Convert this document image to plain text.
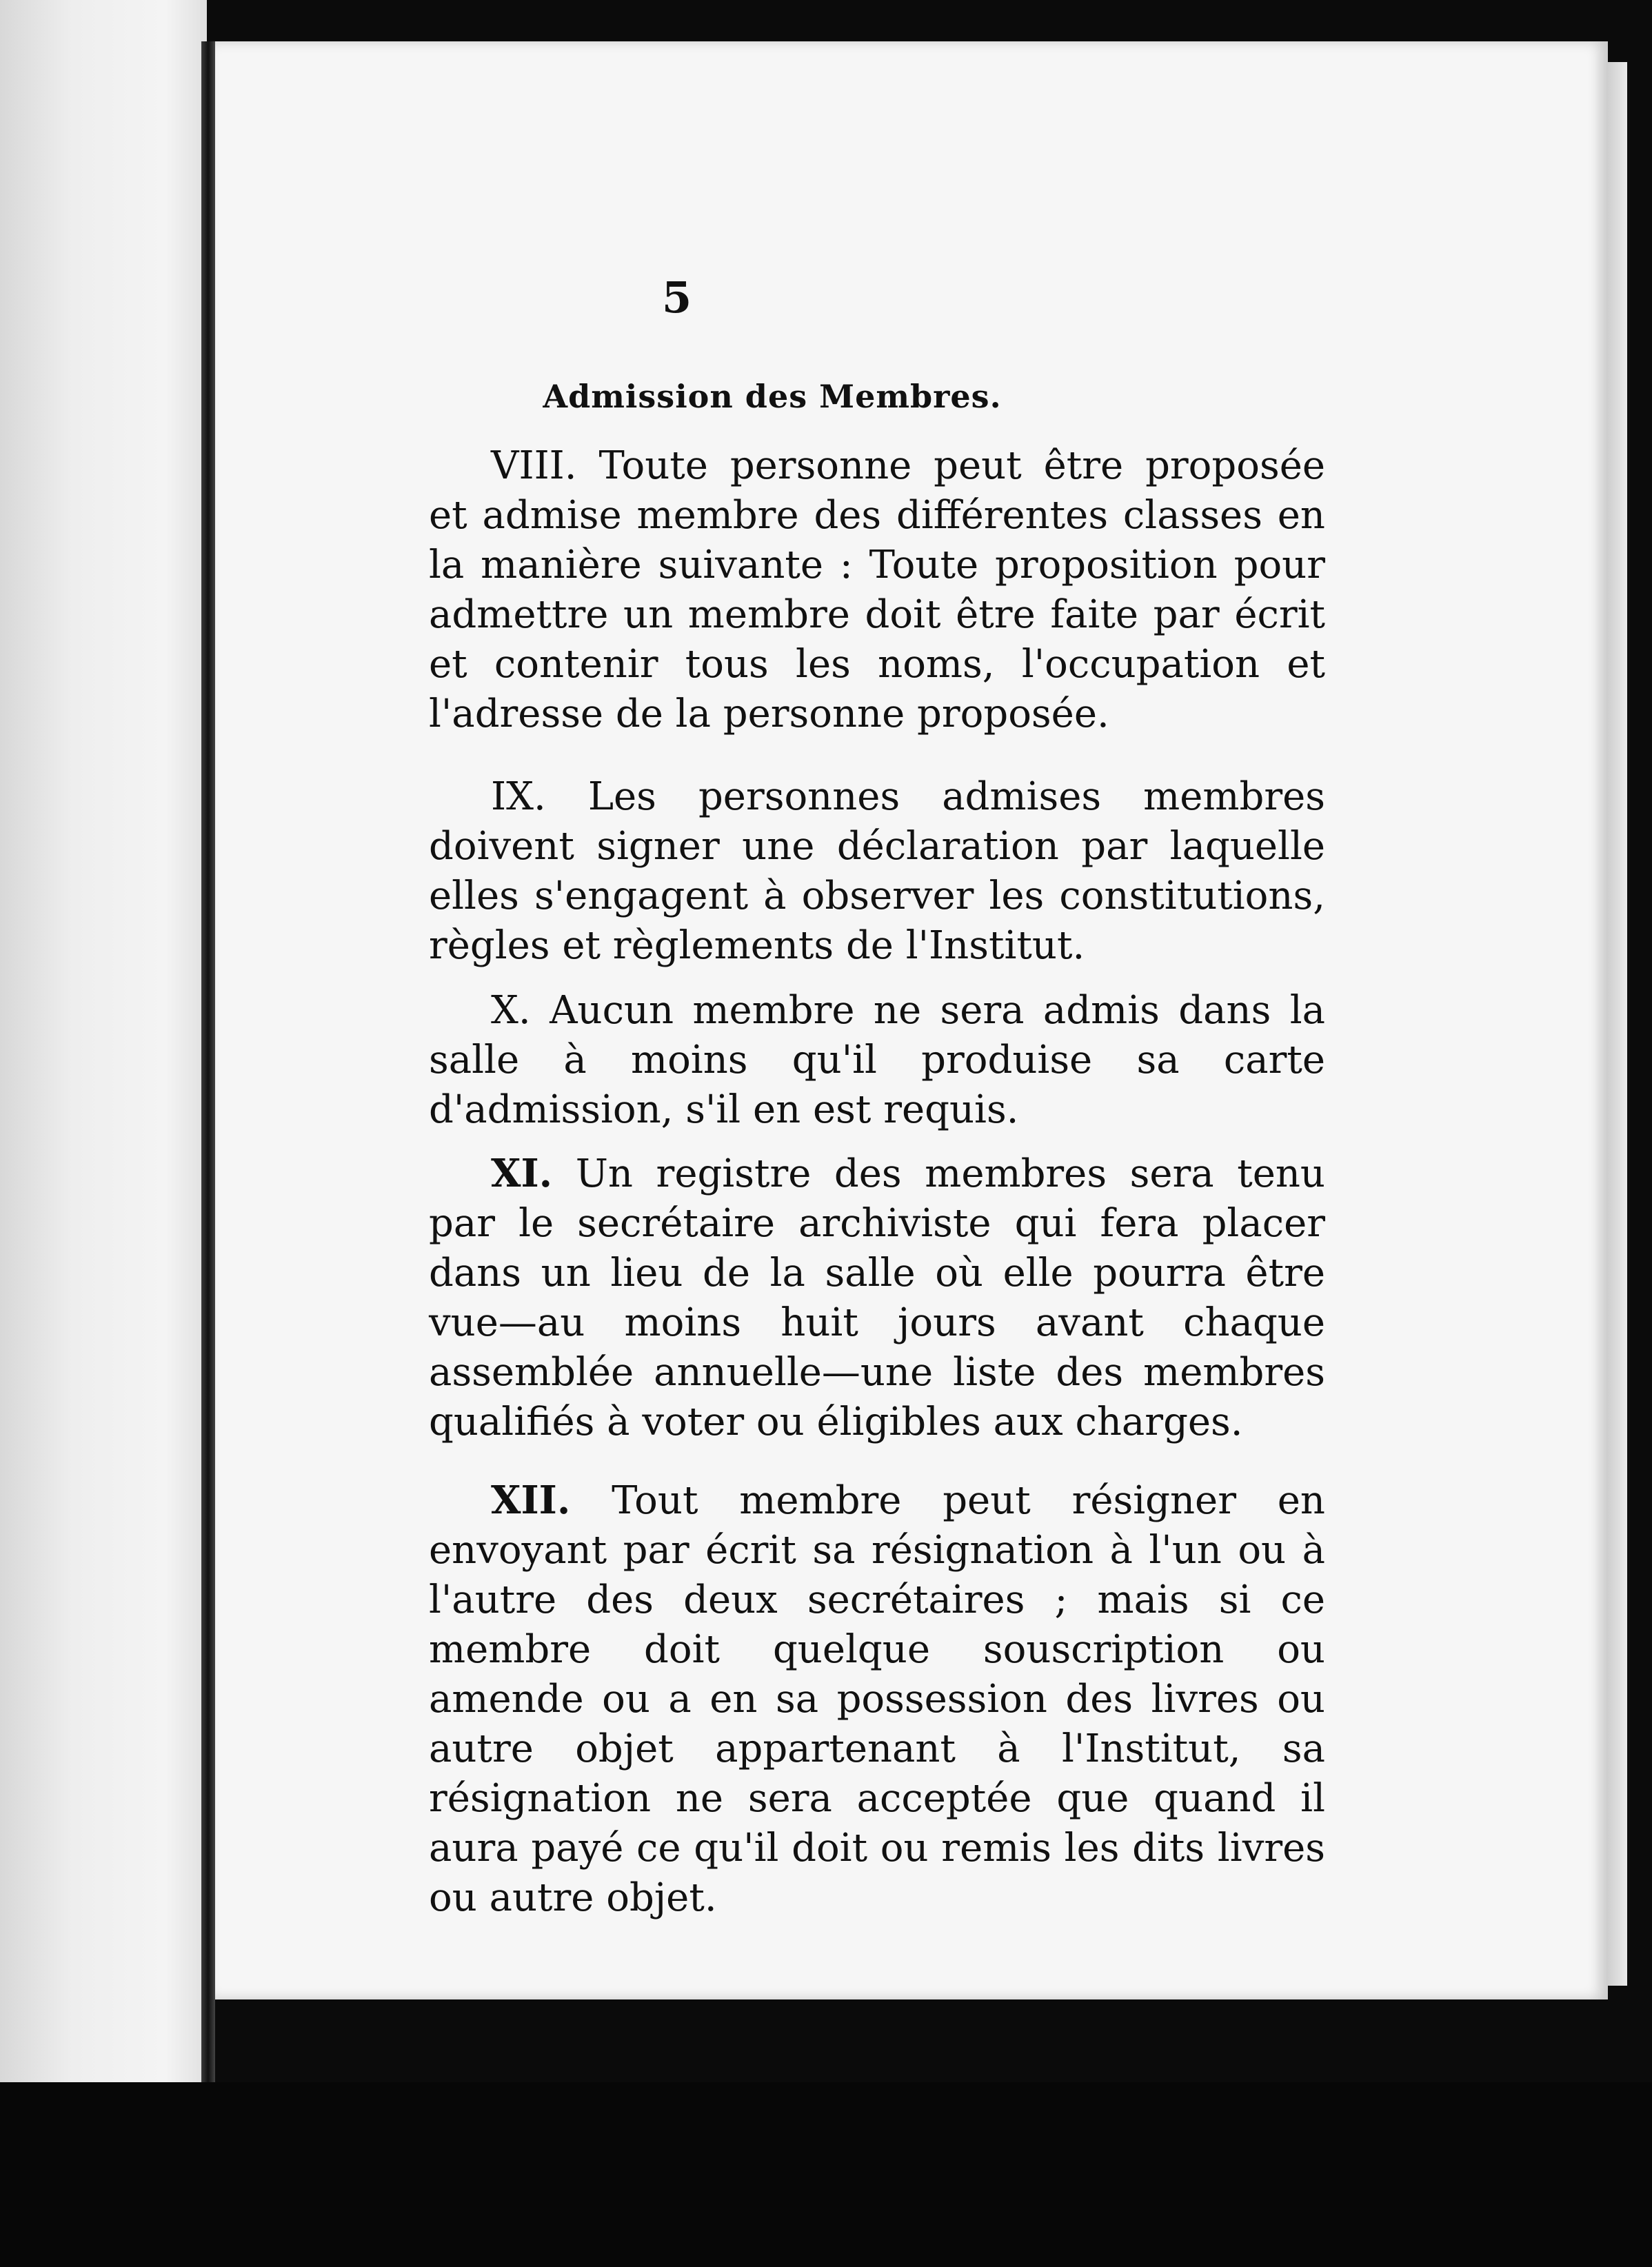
5
Admission des Membres.
VIII. Toute personne peut être proposée et admise membre des différentes classes en la manière suivante : Toute proposition pour admettre un membre doit être faite par écrit et contenir tous les noms, l'occupation et l'adresse de la personne proposée.
IX. Les personnes admises membres doivent signer une déclaration par laquelle elles s'engagent à observer les constitutions, règles et règlements de l'Institut.
X. Aucun membre ne sera admis dans la salle à moins qu'il produise sa carte d'admission, s'il en est requis.
XI. Un registre des membres sera tenu par le secrétaire archiviste qui fera placer dans un lieu de la salle où elle pourra être vue—au moins huit jours avant chaque assemblée annuelle—une liste des membres qualifiés à voter ou éligibles aux charges.
XII. Tout membre peut résigner en envoyant par écrit sa résignation à l'un ou à l'autre des deux secrétaires ; mais si ce membre doit quelque souscription ou amende ou a en sa possession des livres ou autre objet appartenant à l'Institut, sa résignation ne sera acceptée que quand il aura payé ce qu'il doit ou remis les dits livres ou autre objet.
